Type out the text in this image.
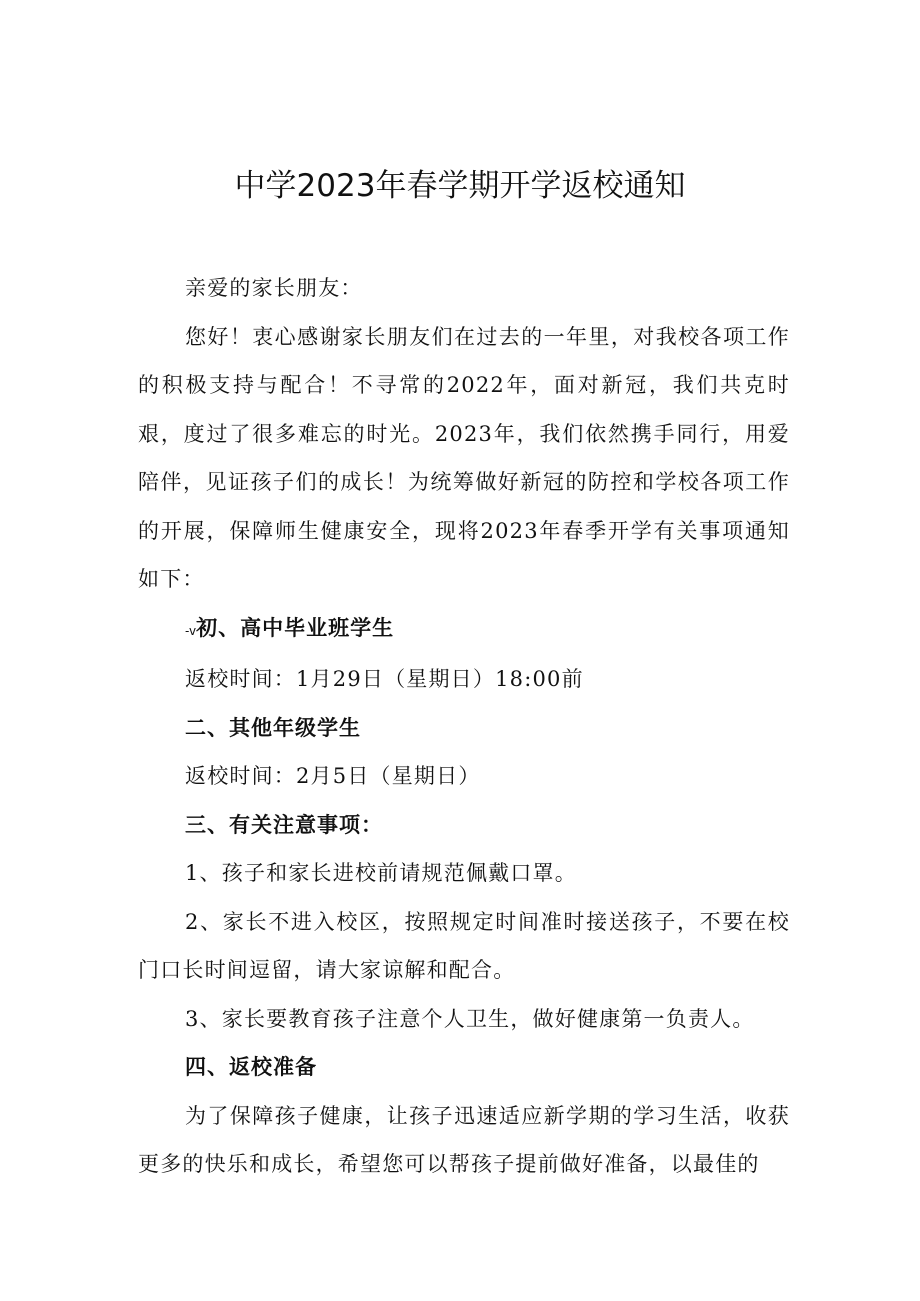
中学2023年春学期开学返校通知

亲爱的家长朋友：

您好！衷心感谢家长朋友们在过去的一年里，对我校各项工作的积极支持与配合！不寻常的2022年，面对新冠，我们共克时艰，度过了很多难忘的时光。2023年，我们依然携手同行，用爱陪伴，见证孩子们的成长！为统筹做好新冠的防控和学校各项工作的开展，保障师生健康安全，现将2023年春季开学有关事项通知如下：

-v初、高中毕业班学生

返校时间：1月29日（星期日）18:00前

二、其他年级学生

返校时间：2月5日（星期日）

三、有关注意事项：

1、孩子和家长进校前请规范佩戴口罩。

2、家长不进入校区，按照规定时间准时接送孩子，不要在校门口长时间逗留，请大家谅解和配合。

3、家长要教育孩子注意个人卫生，做好健康第一负责人。

四、返校准备

为了保障孩子健康，让孩子迅速适应新学期的学习生活，收获更多的快乐和成长，希望您可以帮孩子提前做好准备，以最佳的
